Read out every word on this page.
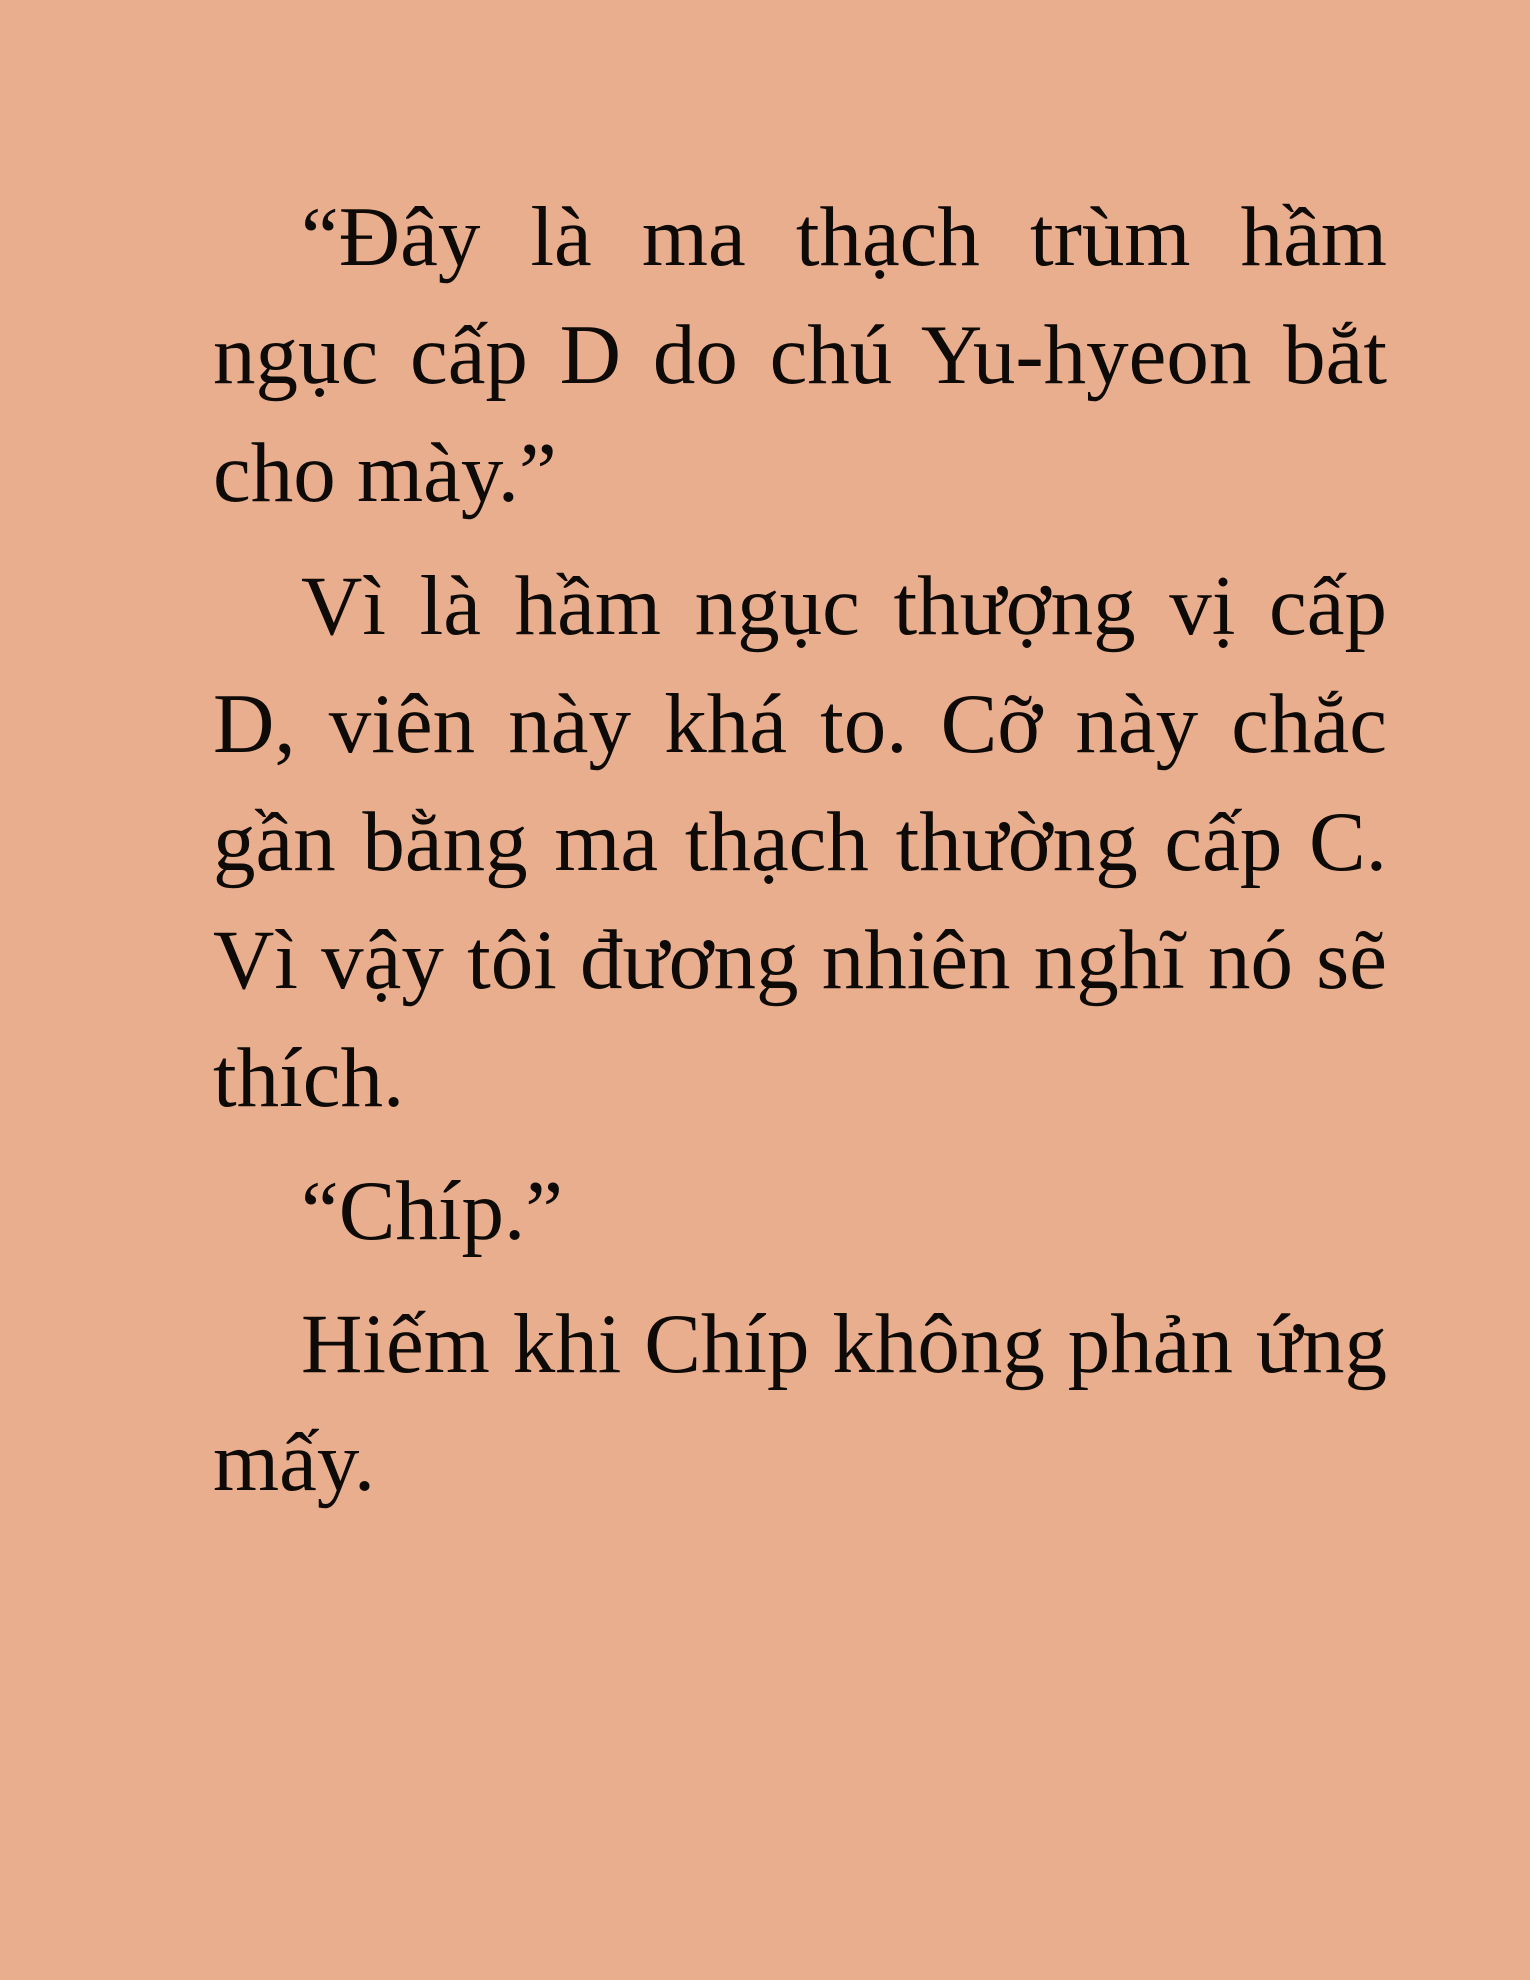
“Đây là ma thạch trùm hầm ngục cấp D do chú Yu-hyeon bắt cho mày.”

Vì là hầm ngục thượng vị cấp D, viên này khá to. Cỡ này chắc gần bằng ma thạch thường cấp C. Vì vậy tôi đương nhiên nghĩ nó sẽ thích.

“Chíp.”

Hiếm khi Chíp không phản ứng mấy.
